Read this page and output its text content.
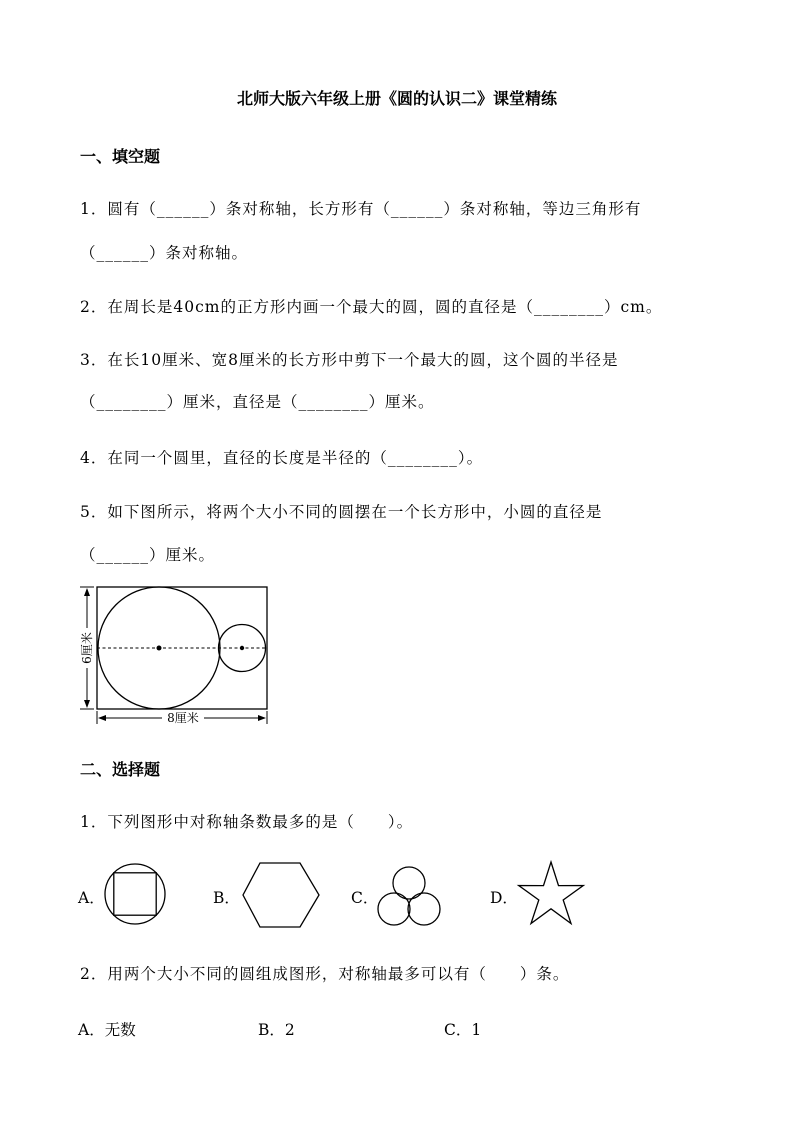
北师大版六年级上册《圆的认识二》课堂精练
一、填空题
1．圆有（______）条对称轴，长方形有（______）条对称轴，等边三角形有
（______）条对称轴。
2．在周长是40cm的正方形内画一个最大的圆，圆的直径是（________）cm。
3．在长10厘米、宽8厘米的长方形中剪下一个最大的圆，这个圆的半径是
（________）厘米，直径是（________）厘米。
4．在同一个圆里，直径的长度是半径的（________）。
5．如下图所示，将两个大小不同的圆摆在一个长方形中，小圆的直径是
（______）厘米。
6厘米
8厘米
二、选择题
1．下列图形中对称轴条数最多的是（　　）。
A．	B．	C．	D．
2．用两个大小不同的圆组成图形，对称轴最多可以有（　　）条。
A．无数	B．2	C．1
